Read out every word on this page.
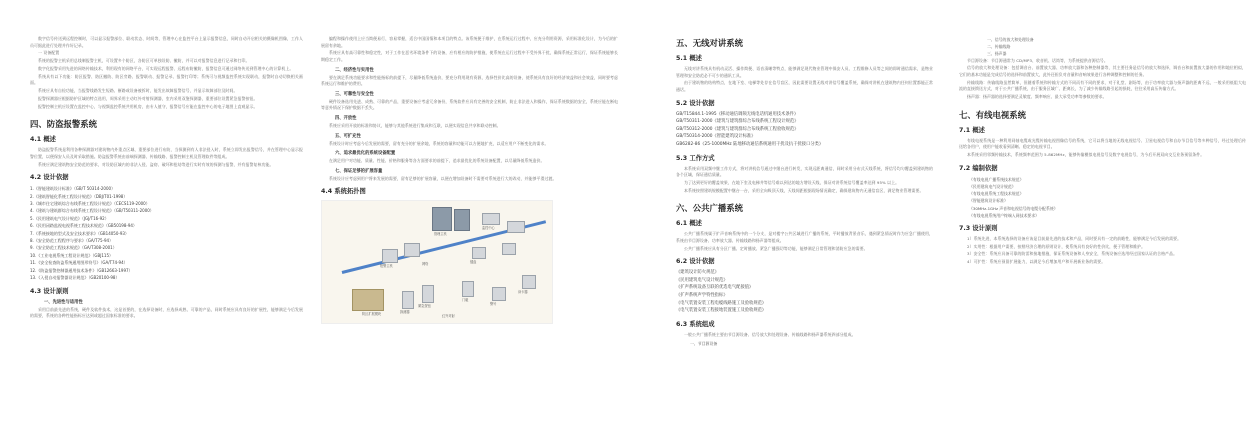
数字信号传送到远程控制时，可以显示报警部位、联动状态、时间等，管理中心在监控平台上显示报警信息，同时自动开启相关的摄像机图像，工作人员可据此进行处理并作好记录。

一 设备配置

系统的报警主机采用总线制报警主机，可设置多个防区，各防区可单独设防、撤防，并可以对报警信息进行记录和打印。

数字化报警采用先进的网络传输技术，利用现有的网络平台，可实现远程报警、远程布防撤防，报警信息可通过网络传送到管理中心的计算机上。

系统具有以下功能：防区报警、防区撤防、防区旁路、报警联动、报警记录、报警打印等；系统可与视频监控系统实现联动，报警时自动切换相关画面。

系统应具有自检功能，当报警线路发生短路、断路或设备被拆时，能发出故障报警信号，并显示故障部位及时间。

报警探测器应根据防护区域的特点选用，周界采用主动红外对射探测器，室内采用双鉴探测器，重要部位设置紧急报警按钮。

报警控制主机应设置在监控中心，与视频监控系统共用机房，由专人值守，报警信号应能在监控中心的电子地图上直观显示。

四、防盗报警系统
4.1 概述

防盗报警系统是利用各种探测器对建筑物内外重点区域、重要部位进行布防，当探测到有人非法侵入时，系统立即发出报警信号，并在管理中心显示报警位置，以便保安人员及时采取措施。防盗报警系统由前端探测器、传输线路、报警控制主机及管理软件等组成。

系统应满足建筑物安全防范的要求，对设防区域内的非法入侵、盗窃、破坏和抢劫等进行实时有效的探测与报警，并有报警复核功能。

4.2 设计依据
1.《智能建筑设计标准》（GB/T 50314-2000）
2.《建筑智能化系统工程设计规范》（DBJ/T01-1998）
3.《城市住宅建筑综合布线系统工程设计规范》（CECS119-2000）
4.《建筑与建筑群综合布线系统工程设计规范》（GB/T50311-2000）
5.《民用建筑电气设计规范》（JGJ/T16-92）
6.《民用闭路监视电视系统工程技术规范》（GB50198-94）
7.《系统接地的型式及安全技术要求》（GB14050-93）
8.《安全防范工程程序与要求》（GA/T75-94）
9.《安全防范工程技术规范》（GA/T308-2001）
10.《工业电视系统工程设计规范》（GBJ115）
11.《安全检查防盗系统通用图形符号》（GA/T74-94）
12.《防盗报警控制器通用技术条件》（GB12663-1997）
13.《入侵自动报警器设计规范》（GB20100-98）
4.3 设计原则
一、先进性与适用性

采用目前最先进的系统，硬件及软件技术，这是首要的，在选择设备时，应选择成熟、可靠的产品，同时系统应具有良好的扩展性，能够满足今后发展的需要，系统的各种性能指标应达到或超过国家标准的要求。

编程和操作使用上应当简便易行，容易掌握，适合中国国情和本项目的特点。该系统便于维护，在系统运行过程中，应充分利用资源，采用标准化设计，为今后的扩展留有余地。

系统应具有高可靠性和稳定性，对于工作在恶劣环境条件下的设备，应有相应的防护措施，使系统在运行过程中不受外界干扰，确保系统正常运行，保证系统能够长期稳定工作。

二、经济性与实用性

要在满足系统功能要求和性能指标的前提下，尽量降低系统造价，要充分利用现有资源，选择性价比高的设备，使系统具有良好的经济效益和社会效益，同时要考虑系统运行和维护的费用。

三、可靠性与安全性

硬件设备选用先进、成熟、可靠的产品，重要设备应考虑冗余备份，系统软件应具有完善的安全机制，防止非法进入和操作，保证系统数据的安全，系统应能在断电等意外情况下保护数据不丢失。

四、开放性

系统应采用开放的标准和协议，能够与其他系统进行集成和互联，以便实现信息共享和联动控制。

五、可扩充性

系统设计时应考虑今后发展的需要，留有充分的扩展余地，系统的容量和功能可以方便地扩充，以适应用户不断变化的需求。

六、追求最优化的系统设备配置

在满足用户对功能、质量、性能、价格和服务等各方面要求的前提下，追求最优化的系统设备配置，以尽量降低系统造价。

七、保证足够的扩展容量

系统设计应考虑到用户将来发展的需要，留有足够的扩展容量，以便在增加设备时不需要对系统进行大的改动，并能够平滑过渡。

4.4 系统拓扑图
管理主机
监控中心
报警主机	网络
探测器
紧急按钮
门磁
红外对射
防区扩展模块
警号
读卡器
键盘
五、无线对讲系统
5.1 概述

无线对讲系统具有机动灵活、操作简便、语音清晰等特点，能够满足现代物业管理中保安人员、工程维修人员等之间的即时通信需求，是物业管理和安全防范必不可少的通讯工具。

由于建筑物的结构特点，在地下室、电梯等处存在信号盲区，因此需要设置无线对讲信号覆盖系统，确保对讲机在建筑物内任何位置都能正常通话。

5.2 设计依据
GB/T15844.1-1995《移动通信调频无线电话机通用技术条件》
GB/T50311-2000《建筑与建筑群综合布线系统工程设计规范》
GB/T50312-2000《建筑与建筑群综合布线系统工程验收规范》
GB/T50314-2000《智能建筑设计标准》
GB6282-86《25-1000MHz 陆地移动通信系统通用干扰及抗干扰接口分类》
5.3 工作方式

本系统采用双频中继工作方式，将对讲机信号通过中继台进行转发，实现远距离通信，同时采用分布式天线系统，将信号均匀覆盖到建筑物的各个区域，保证通信质量。

为了达到更好的覆盖效果，在地下室及电梯井等信号难以到达的地方增设天线，保证对讲系统信号覆盖率达到 95% 以上。

本系统按照建筑规模配置中继台一台，采用全向吸顶天线，天线间距根据现场情况确定，确保建筑物内无通信盲区，满足物业管理需要。

六、公共广播系统
6.1 概述

公共广播系统属于扩声音响系统中的一个分支，是对楼宇公共区域进行广播的系统，平时播放背景音乐，遇到紧急情况时作为应急广播使用，系统由节目源设备、功率放大器、传输线路和扬声器等组成。

公共广播系统应具有分区广播、定时播放、紧急广播强切等功能，能够满足日常管理和消防应急的需要。

6.2 设计依据
《建筑设计防火规范》
《民用建筑电气设计规范》
《扩声系统设备互联的优选电气配接值》
《扩声系统声学特性指标》
《电气装置安装工程电缆线路施工及验收规范》
《电气装置安装工程接地装置施工及验收规范》
6.3 系统组成

一般公共广播系统主要由节目源设备、信号放大和处理设备、传输线路和扬声器系统四部分组成。

一、节目源设备
一、信号的放大和处理设备
二、传输线路
三、扬声器

节目源设备：节目源通常为 CD/MP3、收音机、话筒等，为系统提供音源信号。

信号的放大和处理设备：包括调音台、前置放大器、功率放大器和各种控制器等，其主要任务是信号的放大和选择，调音台和前置放大器的作用和地位相似，它们的基本功能是完成信号的选择和前置放大，此外还担负对音量和音响效果进行各种调整和控制的任务。

传输线路：传输线路虽然简单，但随着系统和传输方式的不同而有不同的要求，对于礼堂、剧场等，由于功率放大器与扬声器的距离不远，一般采用低阻大电流的直接馈送方式，对于公共广播系统，由于服务区域广、距离长，为了减少传输线路引起的损耗，往往采用高压传输方式。

扬声器：扬声器的选择要满足灵敏度、频率响应、最大承受功率等参数的要求。

七、有线电视系统
7.1 概述

有线电视系统是一种利用同轴电缆或光缆传输电视图像信号的系统，它可以将当地的无线电视信号、卫星电视信号和自办节目信号等多种信号，经过处理后传送给各用户，使用户能收看到清晰、稳定的电视节目。

本系统采用邻频传输技术，系统频率范围为 5-862MHz，能够传输模拟电视信号及数字电视信号，为今后开展双向交互业务预留条件。

7.2 编制依据
《有线电视广播系统技术规范》
《民用建筑电气设计规范》
《有线电视系统工程技术规范》
《智能建筑设计标准》
《30MHz-1GHz 声音和电视信号的电缆分配系统》
《有线电视系统用户终端入网技术要求》
7.3 设计原则

1）系统先进，本系统选择的设备应该是目前最先进的技术和产品，同时要具有一定的前瞻性，能够满足今后发展的需要。

2）实用性：根据用户需要，按照经济合理的原则设计，使系统具有良好的性价比，便于管理和维护。

3）安全性：系统应具备可靠的防雷和接地措施，保证系统设备和人身安全，系统设备应选用经过国家认证的合格产品。

4）可扩性：系统应预留扩展能力，以满足今后增加用户和开展新业务的需要。
